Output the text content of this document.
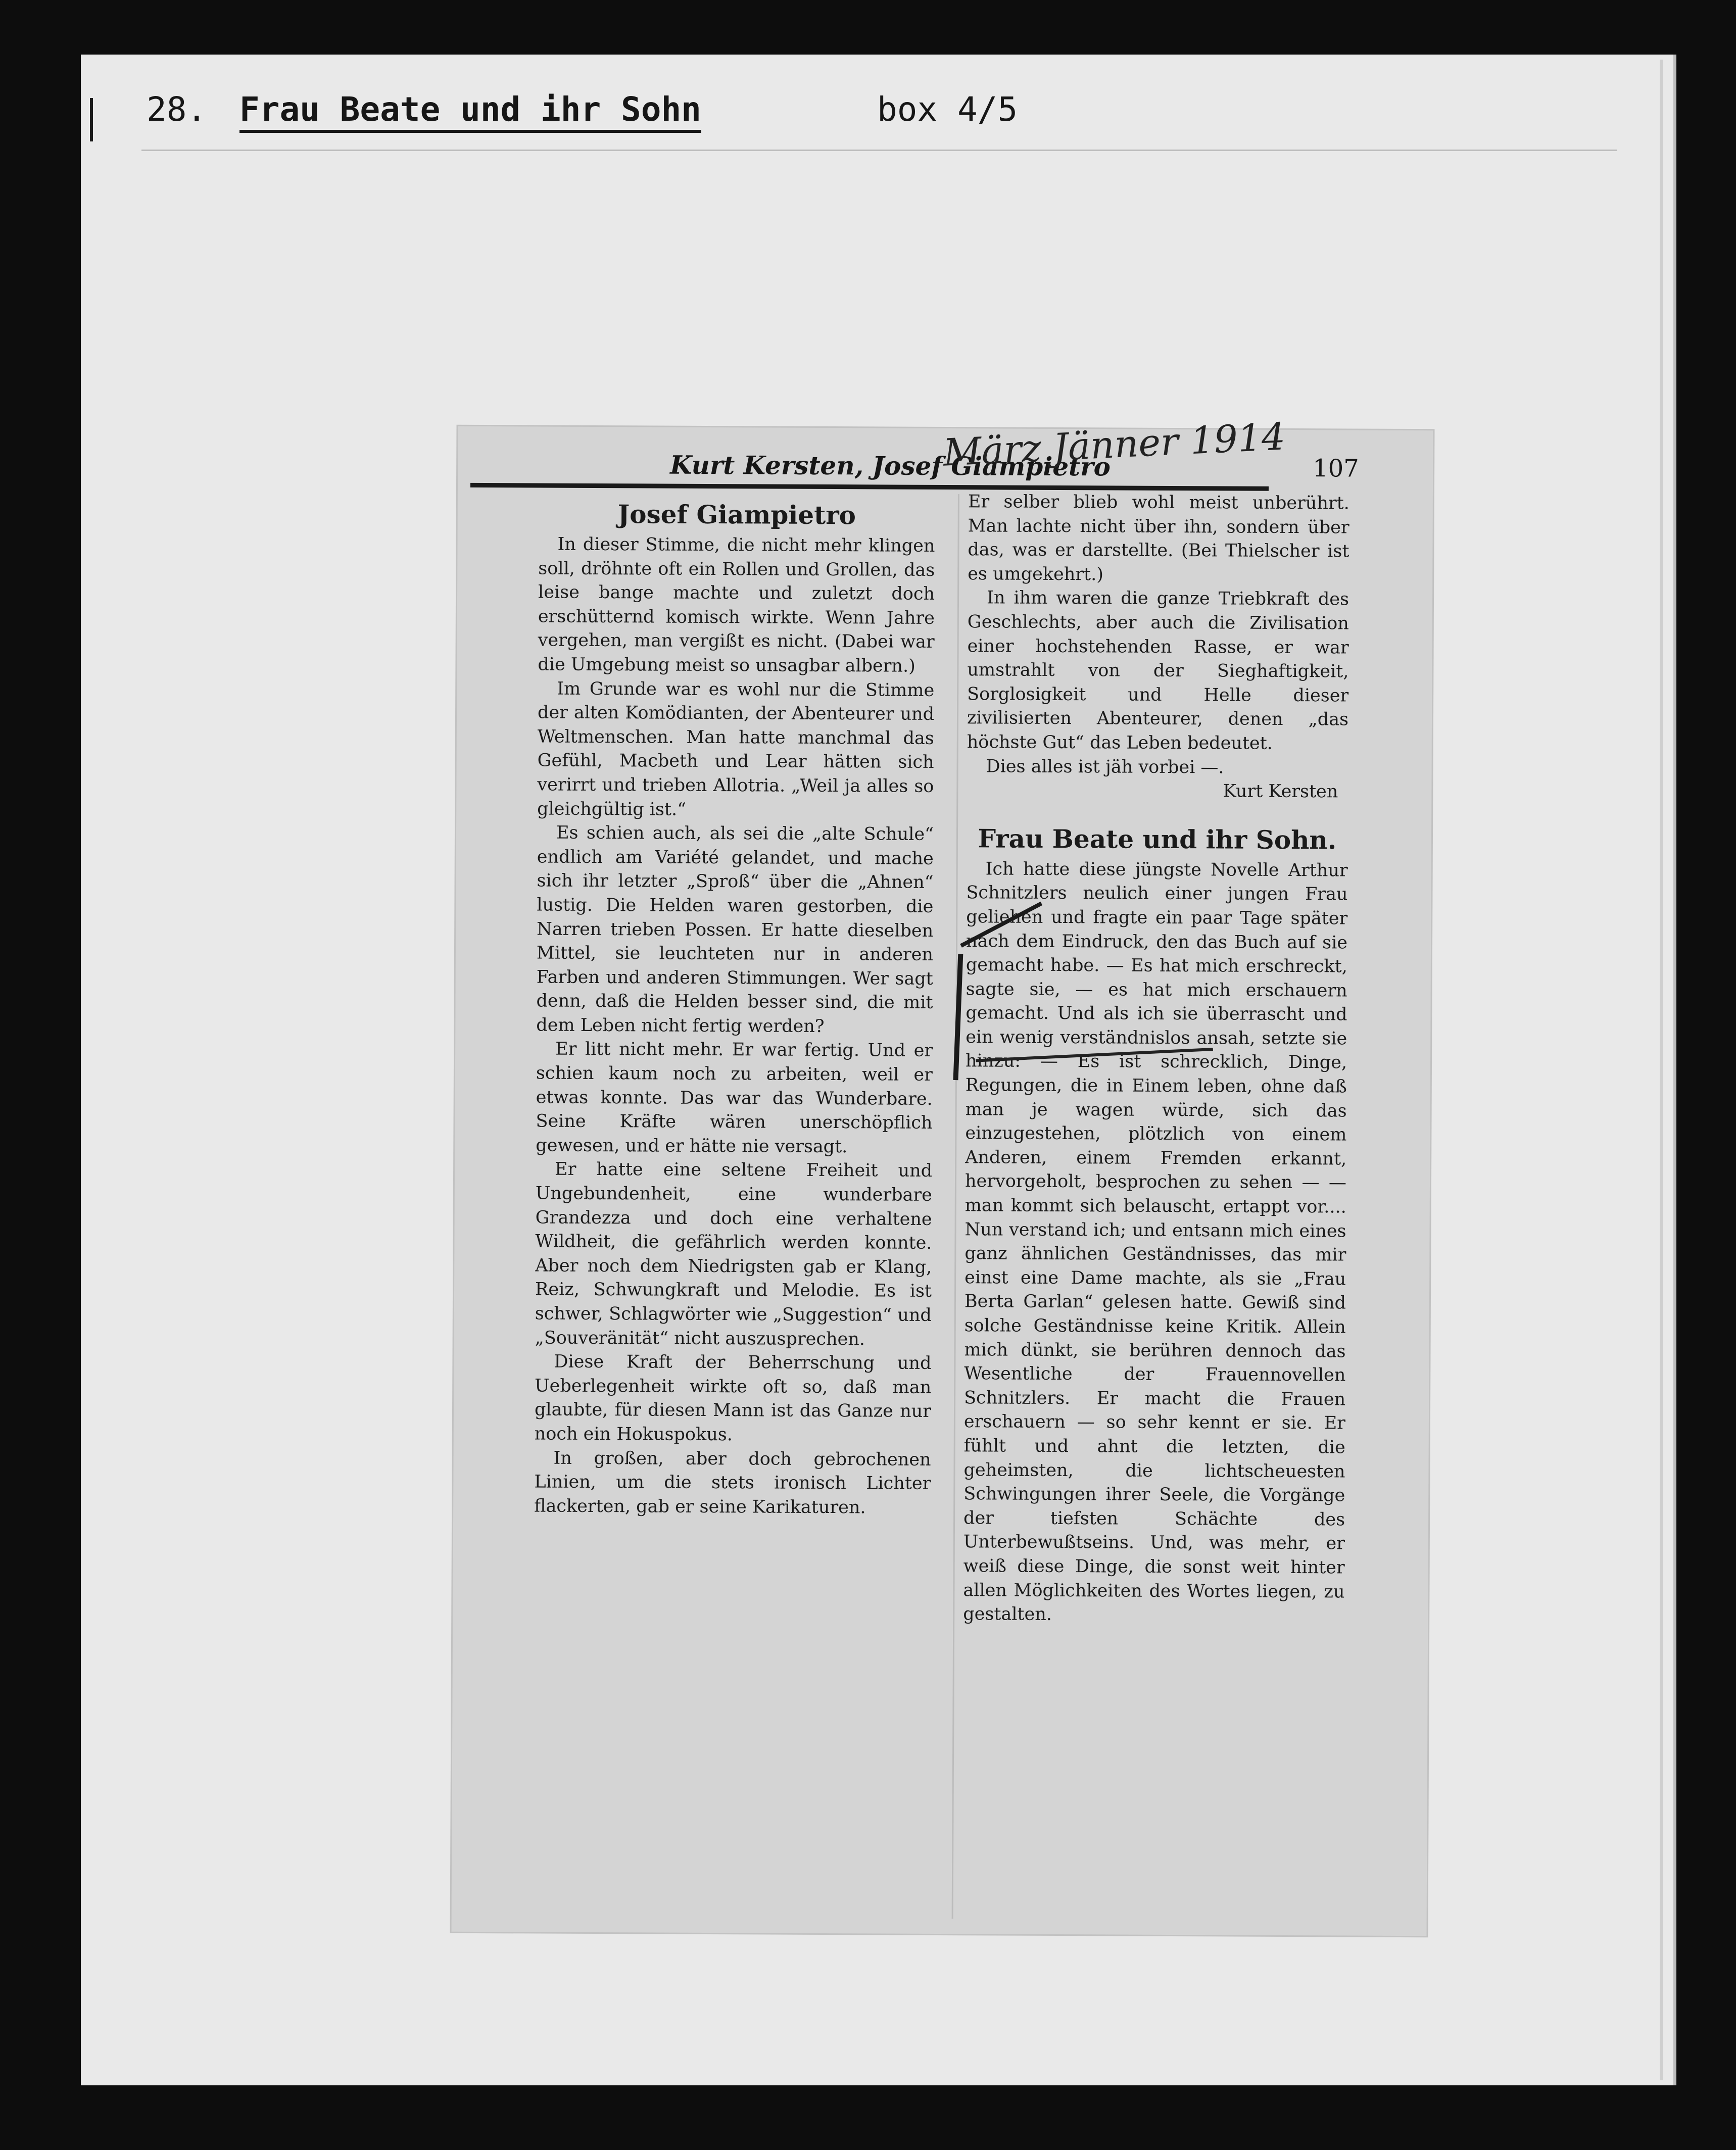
28. Frau Beate und ihr Sohn	box 4/5
Kurt Kersten, Josef Giampietro	107
März Jänner 1914
Josef Giampietro

In dieser Stimme, die nicht mehr klingen soll, dröhnte oft ein Rollen und Grollen, das leise bange machte und zuletzt doch erschütternd komisch wirkte. Wenn Jahre vergehen, man vergißt es nicht. (Dabei war die Umgebung meist so unsagbar albern.)

Im Grunde war es wohl nur die Stimme der alten Komödianten, der Abenteurer und Weltmenschen. Man hatte manchmal das Gefühl, Macbeth und Lear hätten sich verirrt und trieben Allotria. „Weil ja alles so gleichgültig ist.“

Es schien auch, als sei die „alte Schule“ endlich am Variété gelandet, und mache sich ihr letzter „Sproß“ über die „Ahnen“ lustig. Die Helden waren gestorben, die Narren trieben Possen. Er hatte dieselben Mittel, sie leuchteten nur in anderen Farben und anderen Stimmungen. Wer sagt denn, daß die Helden besser sind, die mit dem Leben nicht fertig werden?

Er litt nicht mehr. Er war fertig. Und er schien kaum noch zu arbeiten, weil er etwas konnte. Das war das Wunderbare. Seine Kräfte wären unerschöpflich gewesen, und er hätte nie versagt.

Er hatte eine seltene Freiheit und Ungebundenheit, eine wunderbare Grandezza und doch eine verhaltene Wildheit, die gefährlich werden konnte. Aber noch dem Niedrigsten gab er Klang, Reiz, Schwungkraft und Melodie. Es ist schwer, Schlagwörter wie „Suggestion“ und „Souveränität“ nicht auszusprechen.

Diese Kraft der Beherrschung und Ueberlegenheit wirkte oft so, daß man glaubte, für diesen Mann ist das Ganze nur noch ein Hokuspokus.

In großen, aber doch gebrochenen Linien, um die stets ironisch Lichter flackerten, gab er seine Karikaturen.

Er selber blieb wohl meist unberührt. Man lachte nicht über ihn, sondern über das, was er darstellte. (Bei Thielscher ist es umgekehrt.)

In ihm waren die ganze Triebkraft des Geschlechts, aber auch die Zivilisation einer hochstehenden Rasse, er war umstrahlt von der Sieghaftigkeit, Sorglosigkeit und Helle dieser zivilisierten Abenteurer, denen „das höchste Gut“ das Leben bedeutet.

Dies alles ist jäh vorbei —.

Kurt Kersten
Frau Beate und ihr Sohn.

Ich hatte diese jüngste Novelle Arthur Schnitzlers neulich einer jungen Frau geliehen und fragte ein paar Tage später nach dem Eindruck, den das Buch auf sie gemacht habe. — Es hat mich erschreckt, sagte sie, — es hat mich erschauern gemacht. Und als ich sie überrascht und ein wenig verständnislos ansah, setzte sie hinzu: — Es ist schrecklich, Dinge, Regungen, die in Einem leben, ohne daß man je wagen würde, sich das einzugestehen, plötzlich von einem Anderen, einem Fremden erkannt, hervorgeholt, besprochen zu sehen — — man kommt sich belauscht, ertappt vor.... Nun verstand ich; und entsann mich eines ganz ähnlichen Geständnisses, das mir einst eine Dame machte, als sie „Frau Berta Garlan“ gelesen hatte. Gewiß sind solche Geständnisse keine Kritik. Allein mich dünkt, sie berühren dennoch das Wesentliche der Frauennovellen Schnitzlers. Er macht die Frauen erschauern — so sehr kennt er sie. Er fühlt und ahnt die letzten, die geheimsten, die lichtscheuesten Schwingungen ihrer Seele, die Vorgänge der tiefsten Schächte des Unterbewußtseins. Und, was mehr, er weiß diese Dinge, die sonst weit hinter allen Möglichkeiten des Wortes liegen, zu gestalten.
